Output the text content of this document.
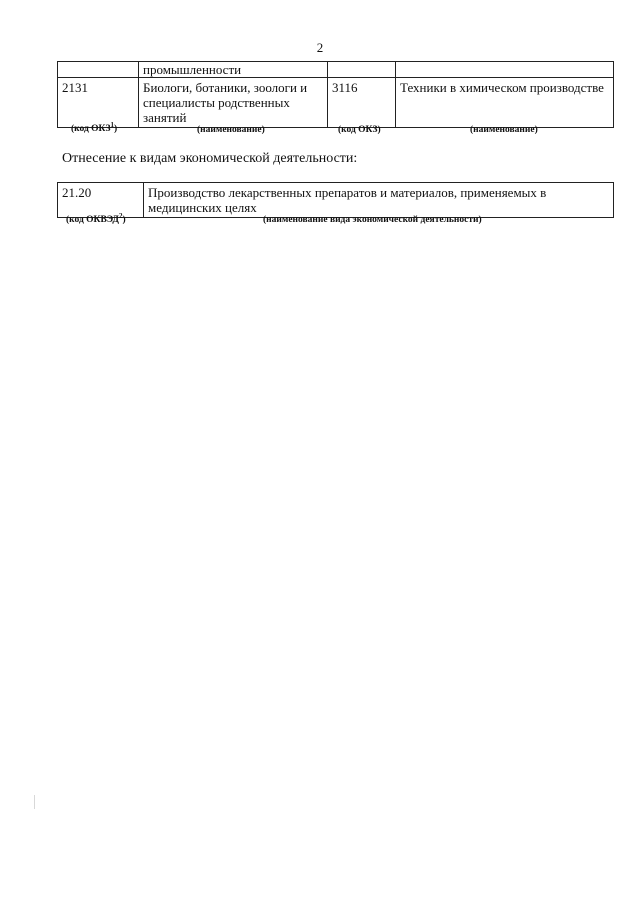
2
	промышленности		
2131	Биологи, ботаники, зоологи и специалисты родственных занятий	3116	Техники в химическом производстве
(код ОКЗ$^1$)	(наименование)	(код ОКЗ)	(наименование)
Отнесение к видам экономической деятельности:
21.20	Производство лекарственных препаратов и материалов, применяемых в медицинских целях
(код ОКВЭД$^2$)	(наименование вида экономической деятельности)
